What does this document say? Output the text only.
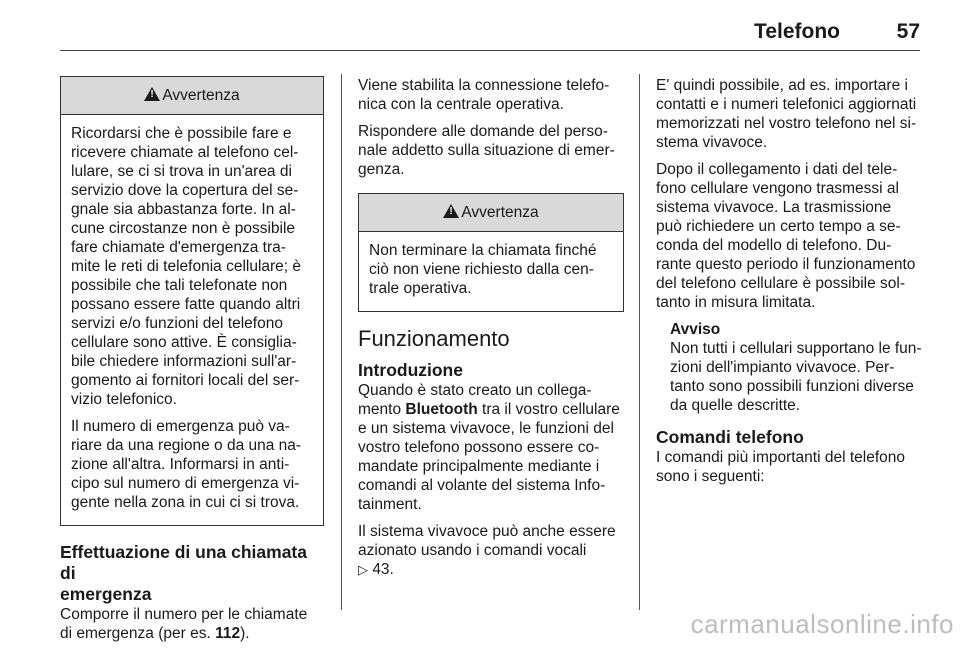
Telefono	57
!Avvertenza

Ricordarsi che è possibile fare e
ricevere chiamate al telefono cel-
lulare, se ci si trova in un'area di
servizio dove la copertura del se-
gnale sia abbastanza forte. In al-
cune circostanze non è possibile
fare chiamate d'emergenza tra-
mite le reti di telefonia cellulare; è
possibile che tali telefonate non
possano essere fatte quando altri
servizi e/o funzioni del telefono
cellulare sono attive. È consiglia-
bile chiedere informazioni sull'ar-
gomento ai fornitori locali del ser-
vizio telefonico.

Il numero di emergenza può va-
riare da una regione o da una na-
zione all'altra. Informarsi in anti-
cipo sul numero di emergenza vi-
gente nella zona in cui ci si trova.

Effettuazione di una chiamata di
emergenza

Comporre il numero per le chiamate
di emergenza (per es. 112).

Viene stabilita la connessione telefo-
nica con la centrale operativa.

Rispondere alle domande del perso-
nale addetto sulla situazione di emer-
genza.

!Avvertenza

Non terminare la chiamata finché
ciò non viene richiesto dalla cen-
trale operativa.

Funzionamento
Introduzione

Quando è stato creato un collega-
mento Bluetooth tra il vostro cellulare
e un sistema vivavoce, le funzioni del
vostro telefono possono essere co-
mandate principalmente mediante i
comandi al volante del sistema Info-
tainment.

Il sistema vivavoce può anche essere
azionato usando i comandi vocali
▷ 43.

E' quindi possibile, ad es. importare i
contatti e i numeri telefonici aggiornati
memorizzati nel vostro telefono nel si-
stema vivavoce.

Dopo il collegamento i dati del tele-
fono cellulare vengono trasmessi al
sistema vivavoce. La trasmissione
può richiedere un certo tempo a se-
conda del modello di telefono. Du-
rante questo periodo il funzionamento
del telefono cellulare è possibile sol-
tanto in misura limitata.

Avviso
Non tutti i cellulari supportano le fun-
zioni dell'impianto vivavoce. Per-
tanto sono possibili funzioni diverse
da quelle descritte.

Comandi telefono

I comandi più importanti del telefono
sono i seguenti:

carmanualsonline.info
